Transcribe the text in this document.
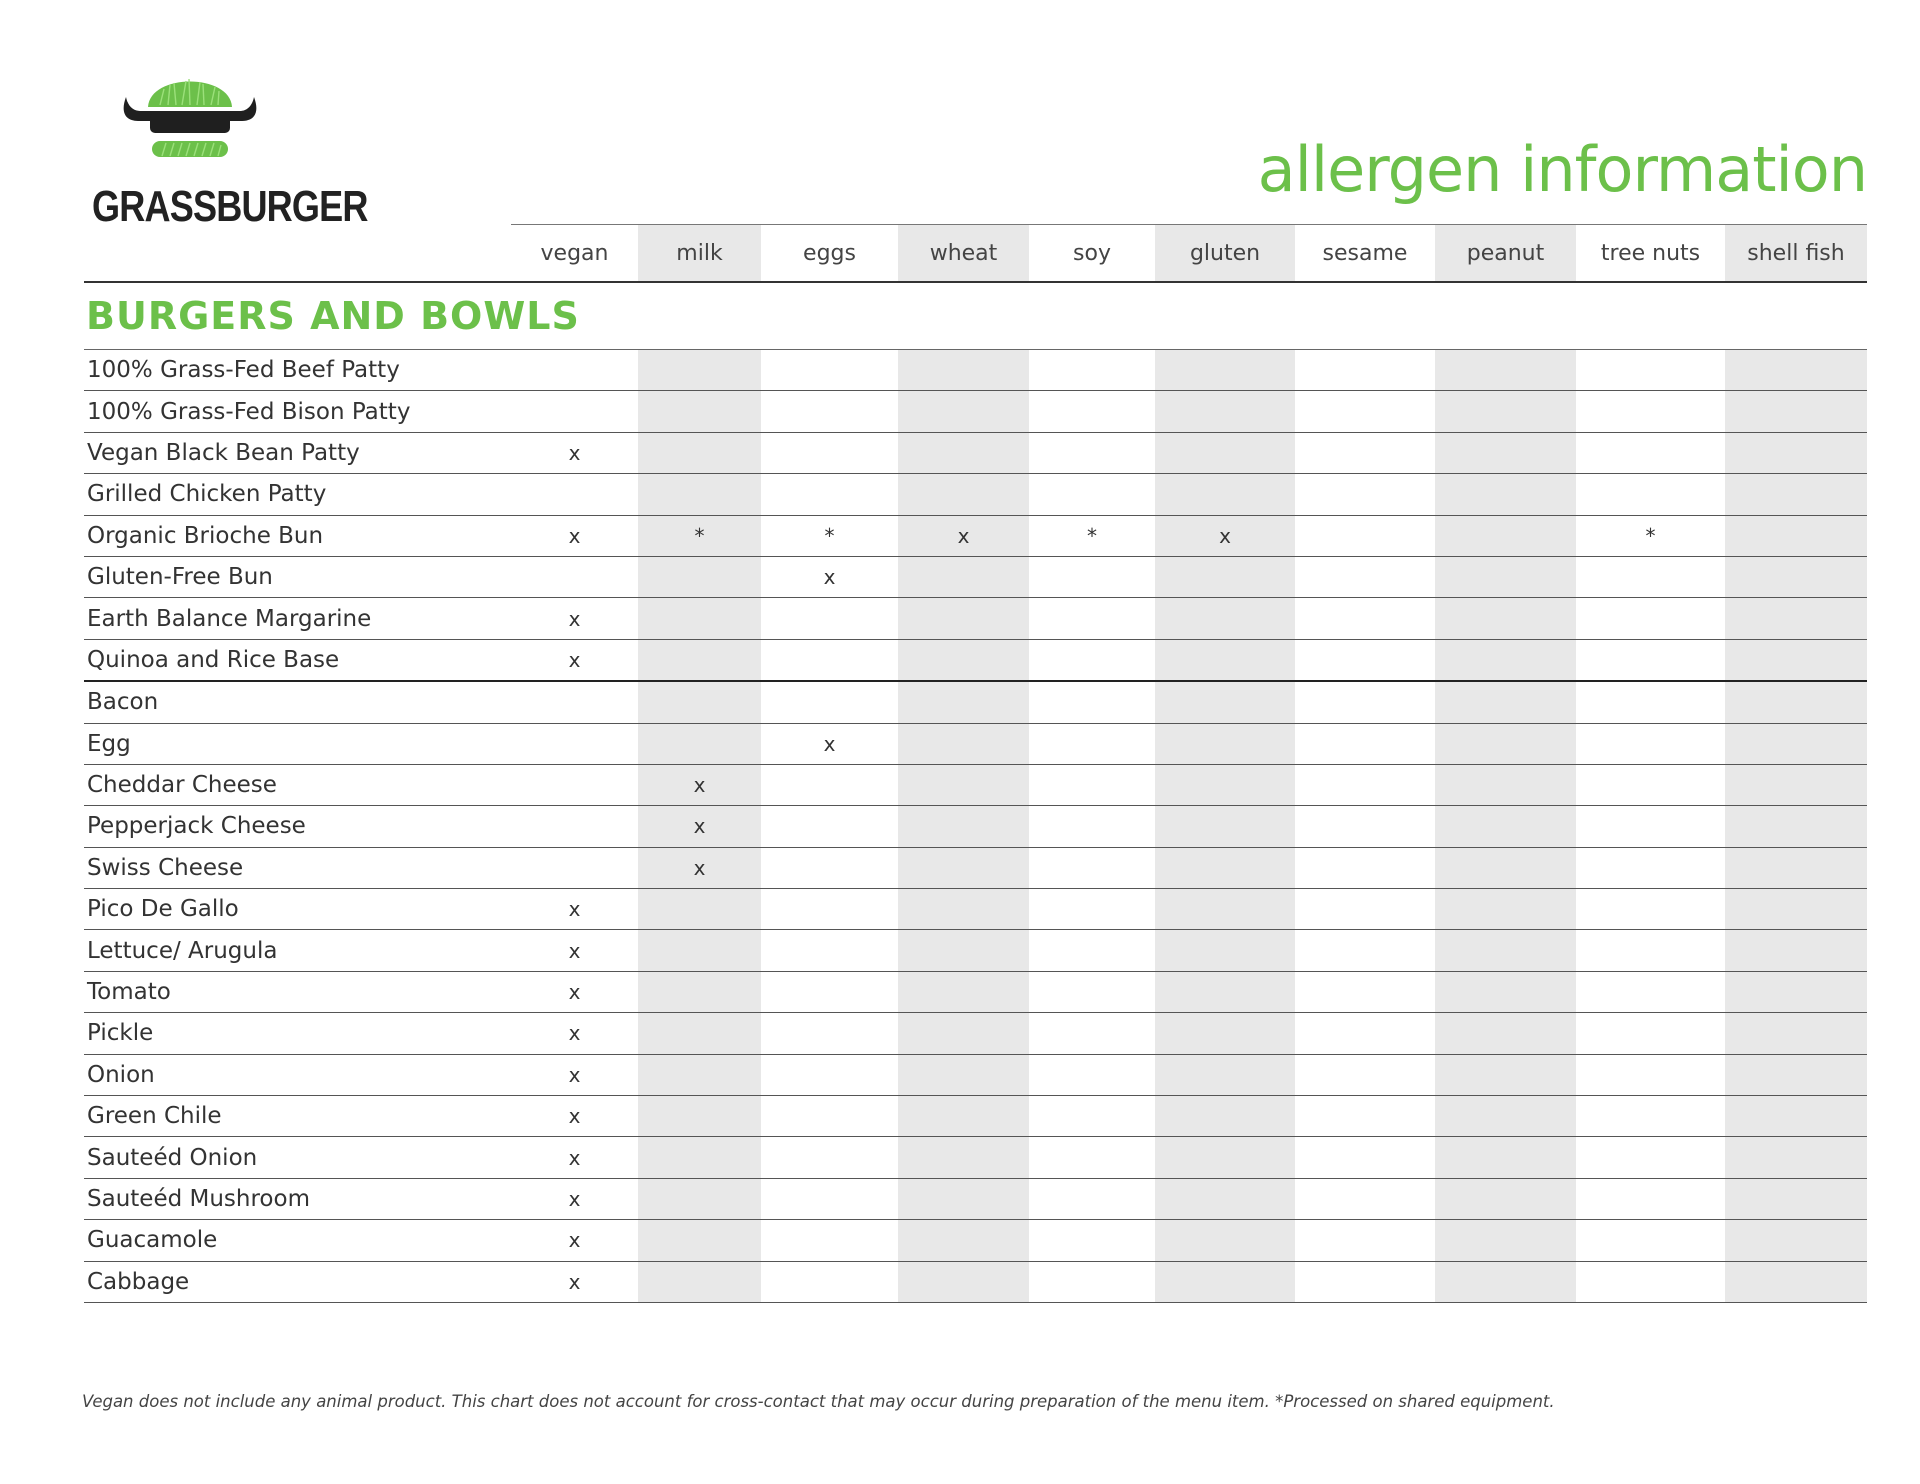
GRASSBURGER
allergen information
	vegan	milk	eggs	wheat	soy	gluten	sesame	peanut	tree nuts	shell fish
BURGERS AND BOWLS										
100% Grass-Fed Beef Patty										
100% Grass-Fed Bison Patty										
Vegan Black Bean Patty	x									
Grilled Chicken Patty										
Organic Brioche Bun	x	*	*	x	*	x			*	
Gluten-Free Bun			x							
Earth Balance Margarine	x									
Quinoa and Rice Base	x									
Bacon										
Egg			x							
Cheddar Cheese		x								
Pepperjack Cheese		x								
Swiss Cheese		x								
Pico De Gallo	x									
Lettuce/ Arugula	x									
Tomato	x									
Pickle	x									
Onion	x									
Green Chile	x									
Sauteéd Onion	x									
Sauteéd Mushroom	x									
Guacamole	x									
Cabbage	x									
Vegan does not include any animal product. This chart does not account for cross-contact that may occur during preparation of the menu item. *Processed on shared equipment.
